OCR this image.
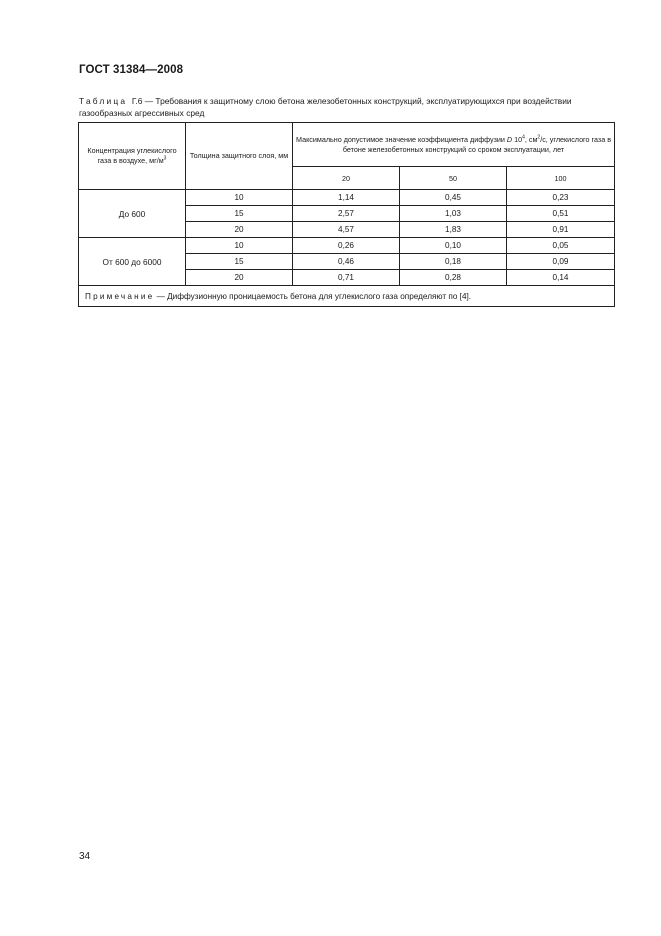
ГОСТ 31384—2008
Таблица Г.6 — Требования к защитному слою бетона железобетонных конструкций, эксплуатирующихся при воздействии газообразных агрессивных сред
Концентрация углекислого газа в воздухе, $мг/м^3$	Толщина защитного слоя, мм	Максимально допустимое значение коэффициента диффузии D $10^4$, $см^2/с$, углекислого газа в бетоне железобетонных конструкций со сроком эксплуатации, лет		
		20	50	100
До 600	10	1,14	0,45	0,23
	15	2,57	1,03	0,51
	20	4,57	1,83	0,91
От 600 до 6000	10	0,26	0,10	0,05
	15	0,46	0,18	0,09
	20	0,71	0,28	0,14
Примечание — Диффузионную проницаемость бетона для углекислого газа определяют по [4].				
34
